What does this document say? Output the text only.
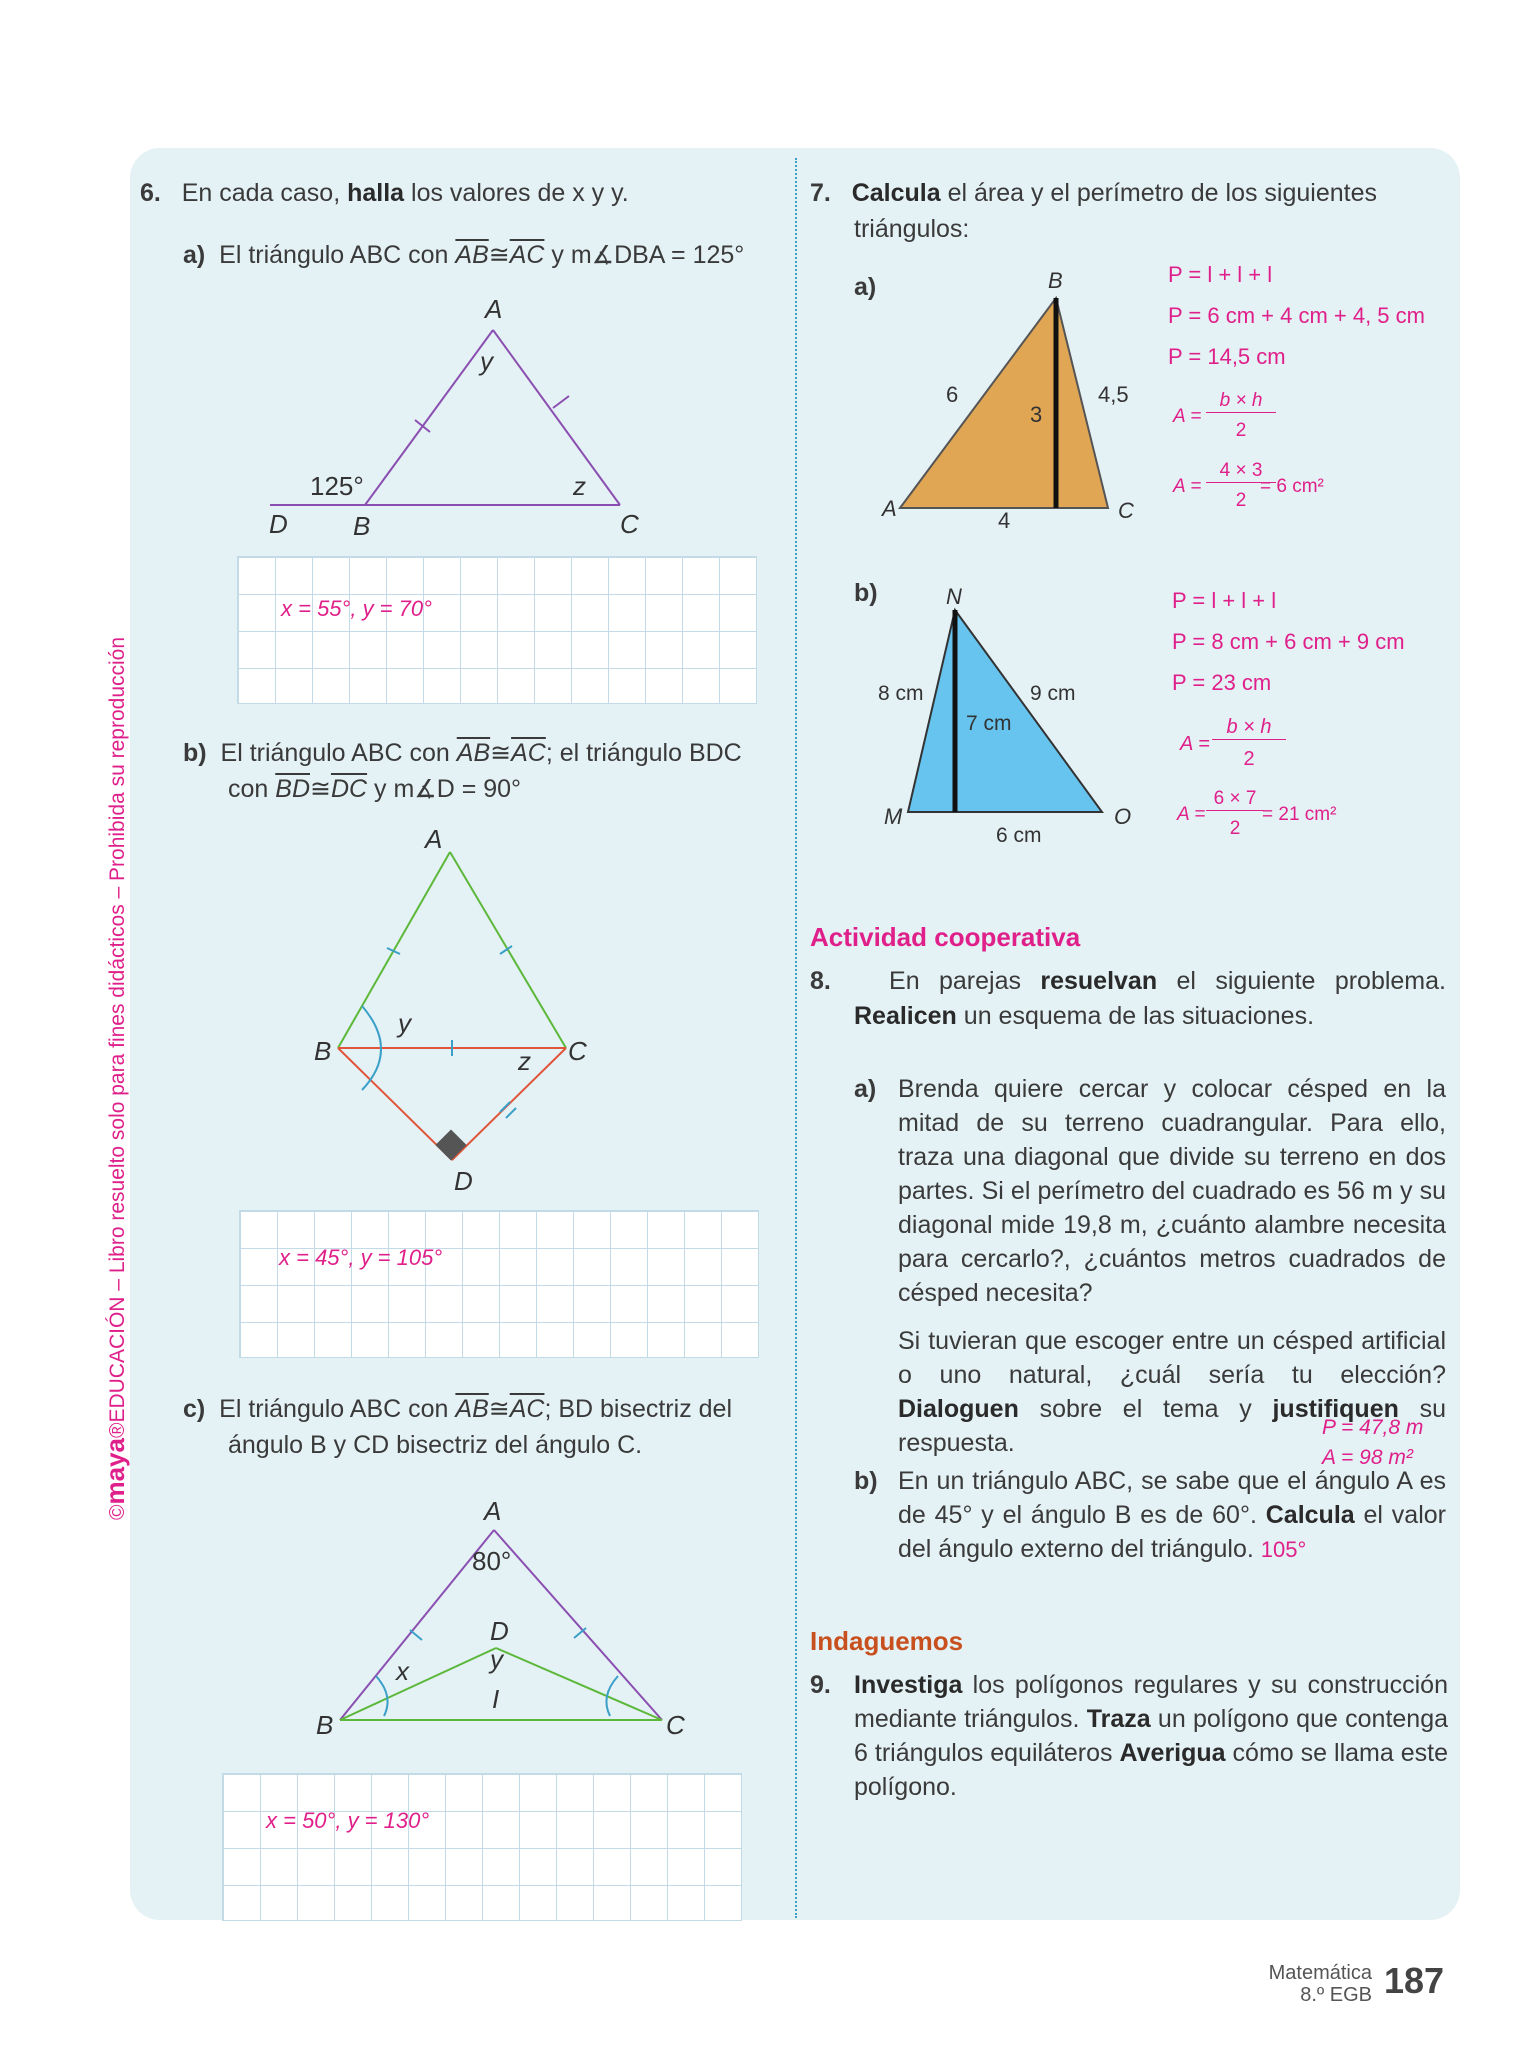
©maya®EDUCACIÓN – Libro resuelto solo para fines didácticos – Prohibida su reproducción
6. En cada caso, halla los valores de x y y.
a) El triángulo ABC con $\overline{AB}≅\overline{AC}$ y m∡DBA = 125°
A
y
125°	z
D	B	C
x = 55°, y = 70°
b) El triángulo ABC con $\overline{AB}≅\overline{AC}$; el triángulo BDC
con $\overline{BD}≅\overline{DC}$ y m∡D = 90°
A
y
B	z C
D
x = 45°, y = 105°
c) El triángulo ABC con $\overline{AB}≅\overline{AC}$; BD bisectriz del
ángulo B y CD bisectriz del ángulo C.
A
80°
D
y
x
I
B	C
x = 50°, y = 130°
7. Calcula el área y el perímetro de los siguientes
triángulos:
a)	B
A	C
6	4,5
3
4
P = l + l + l
P = 6 cm + 4 cm + 4, 5 cm
P = 14,5 cm
A =
b × h
2
A =
4 × 3
2
= 6 cm²
b)	N
M	O
8 cm	9 cm
7 cm
6 cm
P = l + l + l
P = 8 cm + 6 cm + 9 cm
P = 23 cm
A =
b × h
2
A =
6 × 7
2
= 21 cm²
Actividad cooperativa
8. En parejas resuelvan el siguiente problema.
Realicen un esquema de las situaciones.
a) Brenda quiere cercar y colocar césped en la mitad de su terreno cuadrangular. Para ello, traza una diagonal que divide su terreno en dos partes. Si el perímetro del cuadrado es 56 m y su diagonal mide 19,8 m, ¿cuánto alambre necesita para cercarlo?, ¿cuántos metros cuadrados de césped necesita?
Si tuvieran que escoger entre un césped artificial o uno natural, ¿cuál sería tu elección? Dialoguen sobre el tema y justifiquen su respuesta.
P = 47,8 m
A = 98 m²
b) En un triángulo ABC, se sabe que el ángulo A es de 45° y el ángulo B es de 60°. Calcula el valor del ángulo externo del triángulo. 105°
Indaguemos
9. Investiga los polígonos regulares y su construcción mediante triángulos. Traza un polígono que contenga 6 triángulos equiláteros Averigua cómo se llama este polígono.
Matemática
8.º EGB 187
